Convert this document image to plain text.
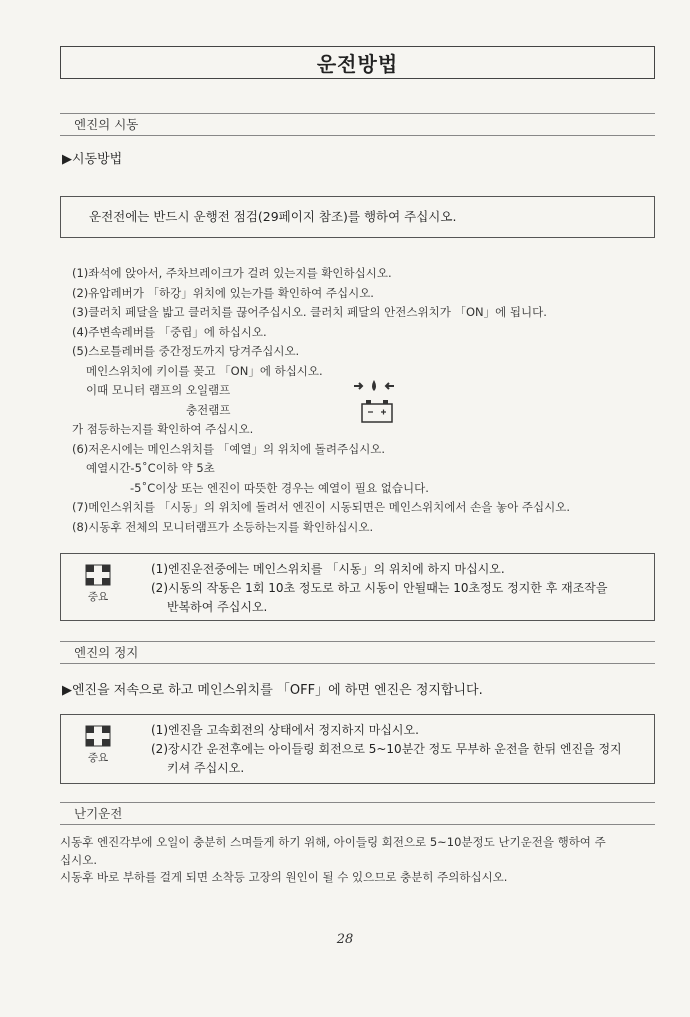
운전방법
엔진의 시동
▶시동방법
운전전에는 반드시 운행전 점검(29페이지 참조)를 행하여 주십시오.
(1)좌석에 앉아서, 주차브레이크가 걸려 있는지를 확인하십시오.
(2)유압레버가 「하강」위치에 있는가를 확인하여 주십시오.
(3)클러치 페달을 밟고 클러치를 끊어주십시오. 클러치 페달의 안전스위치가 「ON」에 됩니다.
(4)주변속레버를 「중립」에 하십시오.
(5)스로틀레버를 중간정도까지 당겨주십시오.
메인스위치에 키이를 꽂고 「ON」에 하십시오.
이때 모니터 램프의 오일램프
충전램프
가 점등하는지를 확인하여 주십시오.
(6)저온시에는 메인스위치를 「예열」의 위치에 돌려주십시오.
예열시간-5˚C이하 약 5초
-5˚C이상 또는 엔진이 따뜻한 경우는 예열이 필요 없습니다.
(7)메인스위치를 「시동」의 위치에 돌려서 엔진이 시동되면은 메인스위치에서 손을 놓아 주십시오.
(8)시동후 전체의 모니터램프가 소등하는지를 확인하십시오.
중요
(1)엔진운전중에는 메인스위치를 「시동」의 위치에 하지 마십시오.
(2)시동의 작동은 1회 10초 정도로 하고 시동이 안될때는 10초정도 정지한 후 재조작을
반복하여 주십시오.
엔진의 정지
▶엔진을 저속으로 하고 메인스위치를 「OFF」에 하면 엔진은 정지합니다.
중요
(1)엔진을 고속회전의 상태에서 정지하지 마십시오.
(2)장시간 운전후에는 아이들링 회전으로 5~10분간 정도 무부하 운전을 한뒤 엔진을 정지
키셔 주십시오.
난기운전
시동후 엔진각부에 오일이 충분히 스며들게 하기 위해, 아이들링 회전으로 5~10분정도 난기운전을 행하여 주
십시오.
시동후 바로 부하를 걸게 되면 소착등 고장의 원인이 될 수 있으므로 충분히 주의하십시오.
28
